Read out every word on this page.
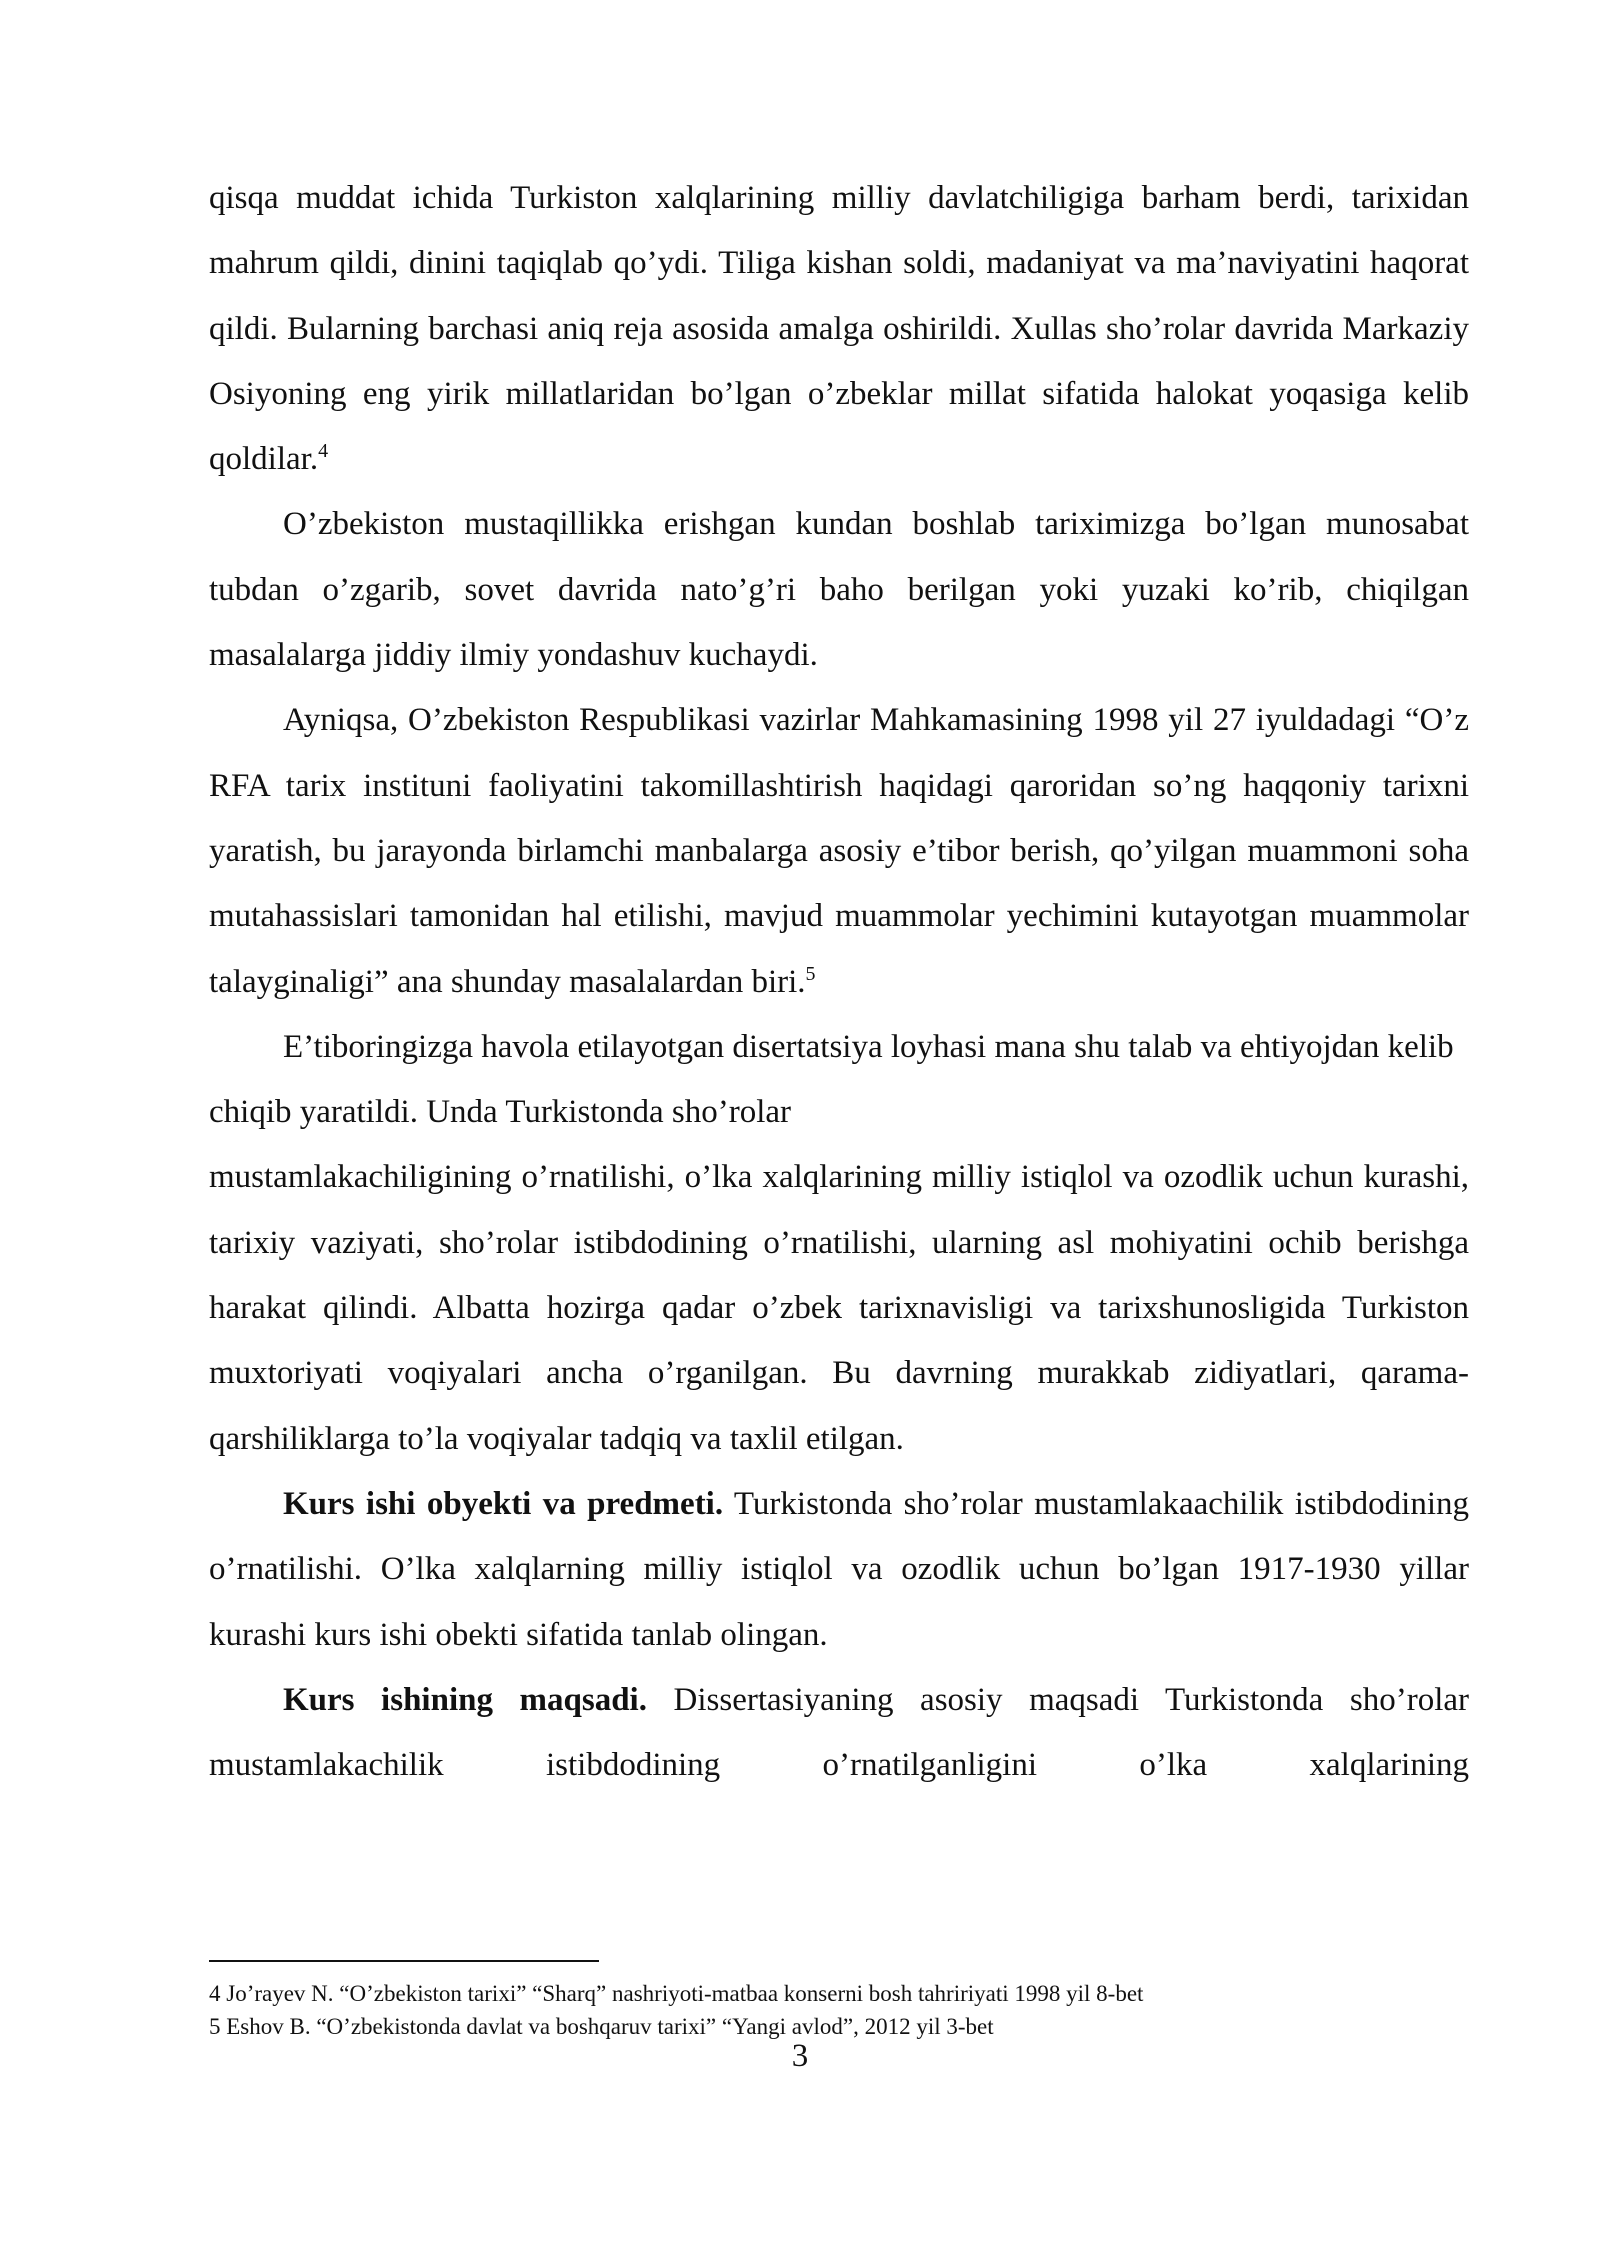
qisqa muddat ichida Turkiston xalqlarining milliy davlatchiligiga barham berdi, tarixidan mahrum qildi, dinini taqiqlab qo’ydi. Tiliga kishan soldi, madaniyat va ma’naviyatini haqorat qildi. Bularning barchasi aniq reja asosida amalga oshirildi. Xullas sho’rolar davrida Markaziy Osiyoning eng yirik millatlaridan bo’lgan o’zbeklar millat sifatida halokat yoqasiga kelib qoldilar.$^4$

O’zbekiston mustaqillikka erishgan kundan boshlab tariximizga bo’lgan munosabat tubdan o’zgarib, sovet davrida nato’g’ri baho berilgan yoki yuzaki ko’rib, chiqilgan masalalarga jiddiy ilmiy yondashuv kuchaydi.

Ayniqsa, O’zbekiston Respublikasi vazirlar Mahkamasining 1998 yil 27 iyuldadagi “O’z RFA tarix instituni faoliyatini takomillashtirish haqidagi qaroridan so’ng haqqoniy tarixni yaratish, bu jarayonda birlamchi manbalarga asosiy e’tibor berish, qo’yilgan muammoni soha mutahassislari tamonidan hal etilishi, mavjud muammolar yechimini kutayotgan muammolar talayginaligi” ana shunday masalalardan biri.$^5$

E’tiboringizga havola etilayotgan disertatsiya loyhasi mana shu talab va ehtiyojdan kelib chiqib yaratildi. Unda Turkistonda sho’rolar

mustamlakachiligining o’rnatilishi, o’lka xalqlarining milliy istiqlol va ozodlik uchun kurashi, tarixiy vaziyati, sho’rolar istibdodining o’rnatilishi, ularning asl mohiyatini ochib berishga harakat qilindi. Albatta hozirga qadar o’zbek tarixnavisligi va tarixshunosligida Turkiston muxtoriyati voqiyalari ancha o’rganilgan. Bu davrning murakkab zidiyatlari, qarama-qarshiliklarga to’la voqiyalar tadqiq va taxlil etilgan.

Kurs ishi obyekti va predmeti. Turkistonda sho’rolar mustamlakaachilik istibdodining o’rnatilishi. O’lka xalqlarning milliy istiqlol va ozodlik uchun bo’lgan 1917-1930 yillar kurashi kurs ishi obekti sifatida tanlab olingan.

Kurs ishining maqsadi. Dissertasiyaning asosiy maqsadi Turkistonda sho’rolar mustamlakachilik istibdodining o’rnatilganligini o’lka xalqlarining

4 Jo’rayev N. “O’zbekiston tarixi” “Sharq” nashriyoti-matbaa konserni bosh tahririyati 1998 yil 8-bet
5 Eshov B. “O’zbekistonda davlat va boshqaruv tarixi” “Yangi avlod”, 2012 yil 3-bet
3
